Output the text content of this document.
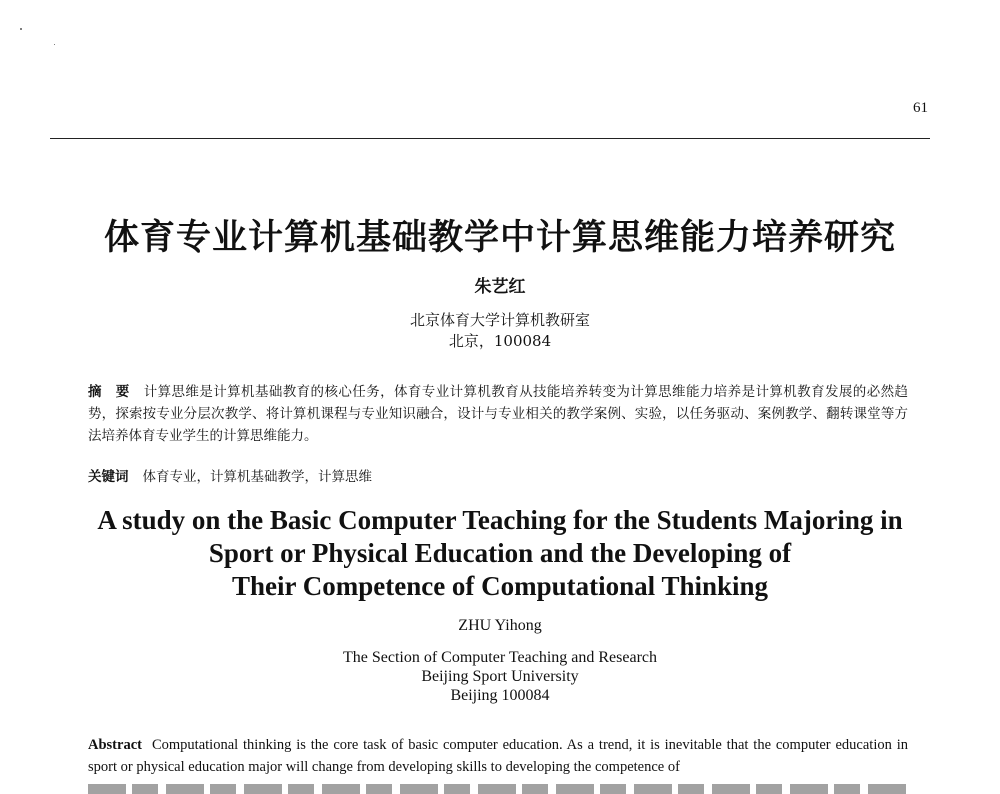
61
体育专业计算机基础教学中计算思维能力培养研究
朱艺红
北京体育大学计算机教研室
北京，100084
摘　要 计算思维是计算机基础教育的核心任务，体育专业计算机教育从技能培养转变为计算思维能力培养是计算机教育发展的必然趋势，探索按专业分层次教学、将计算机课程与专业知识融合，设计与专业相关的教学案例、实验，以任务驱动、案例教学、翻转课堂等方法培养体育专业学生的计算思维能力。
关键词 体育专业，计算机基础教学，计算思维
A study on the Basic Computer Teaching for the Students Majoring in
Sport or Physical Education and the Developing of
Their Competence of Computational Thinking
ZHU Yihong
The Section of Computer Teaching and Research
Beijing Sport University
Beijing 100084
Abstract Computational thinking is the core task of basic computer education. As a trend, it is inevitable that the computer education in sport or physical education major will change from developing skills to developing the competence of
